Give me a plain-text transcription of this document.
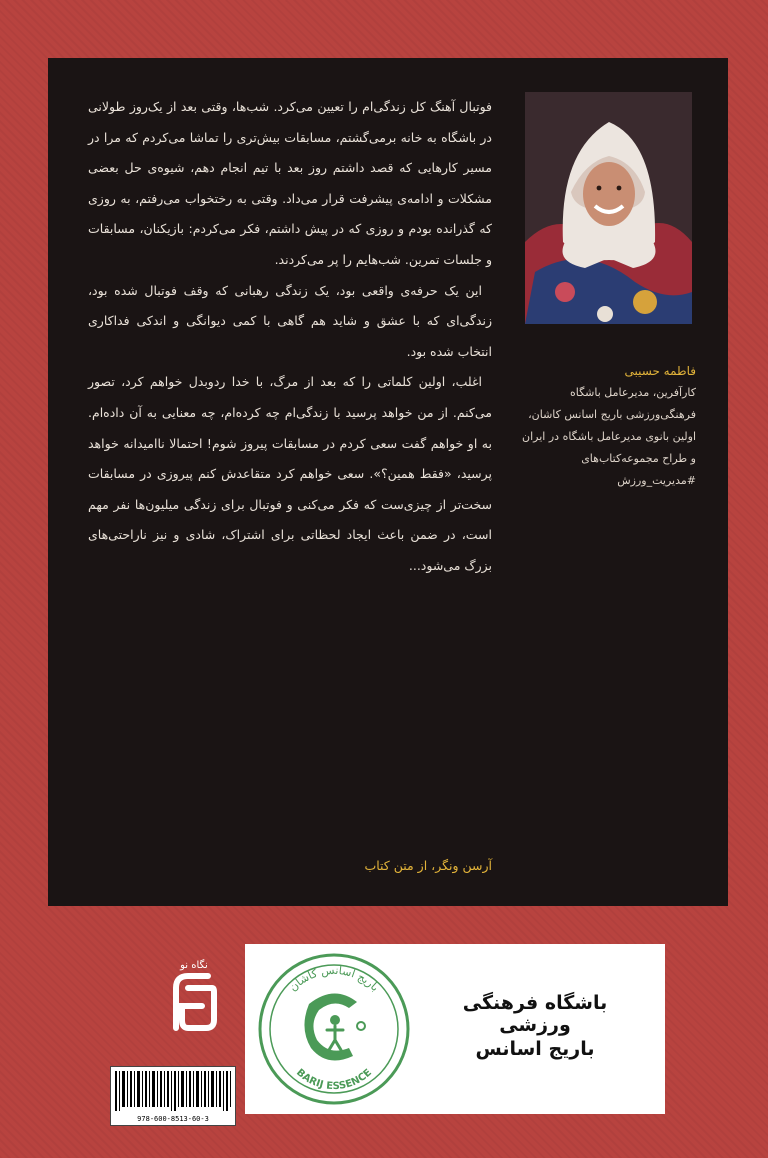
فاطمه حسيبی

کارآفرین، مدیرعامل باشگاه فرهنگی‌ورزشی باریج اسانس کاشان، اولین بانوی مدیرعامل باشگاه در ایران و طراح مجموعه‌کتاب‌های #مدیریت_ورزش

فوتبال آهنگ کل زندگی‌ام را تعیین می‌کرد. شب‌ها، وقتی بعد از یک‌روز طولانی در باشگاه به خانه برمی‌گشتم، مسابقات بیش‌تری را تماشا می‌کردم که مرا در مسیر کارهایی که قصد داشتم روز بعد با تیم انجام دهم، شیوه‌ی حل بعضی مشکلات و ادامه‌ی پیشرفت قرار می‌داد. وقتی به رختخواب می‌رفتم، به روزی که گذرانده بودم و روزی که در پیش داشتم، فکر می‌کردم: بازیکنان، مسابقات و جلسات تمرین. شب‌هایم را پر می‌کردند.

این یک حرفه‌ی واقعی بود، یک زندگی رهبانی که وقف فوتبال شده بود، زندگی‌ای که با عشق و شاید هم گاهی با کمی دیوانگی و اندکی فداکاری انتخاب شده بود.

اغلب، اولین کلماتی را که بعد از مرگ، با خدا ردوبدل خواهم کرد، تصور می‌کنم. از من خواهد پرسید با زندگی‌ام چه کرده‌ام، چه معنایی به آن داده‌ام. به او خواهم گفت سعی کردم در مسابقات پیروز شوم! احتمالا ناامیدانه خواهد پرسید، «فقط همین؟». سعی خواهم کرد متقاعدش کنم پیروزی در مسابقات سخت‌تر از چیزی‌ست که فکر می‌کنی و فوتبال برای زندگی میلیون‌ها نفر مهم است، در ضمن باعث ایجاد لحظاتی برای اشتراک، شادی و نیز ناراحتی‌های بزرگ می‌شود...

آرسن ونگر، از متن کتاب
نگاه نو
978-600-8513-60-3
باریج اسانس کاشان
BARIJ ESSENCE
باشگاه فرهنگی ورزشی
باریج اسانس
